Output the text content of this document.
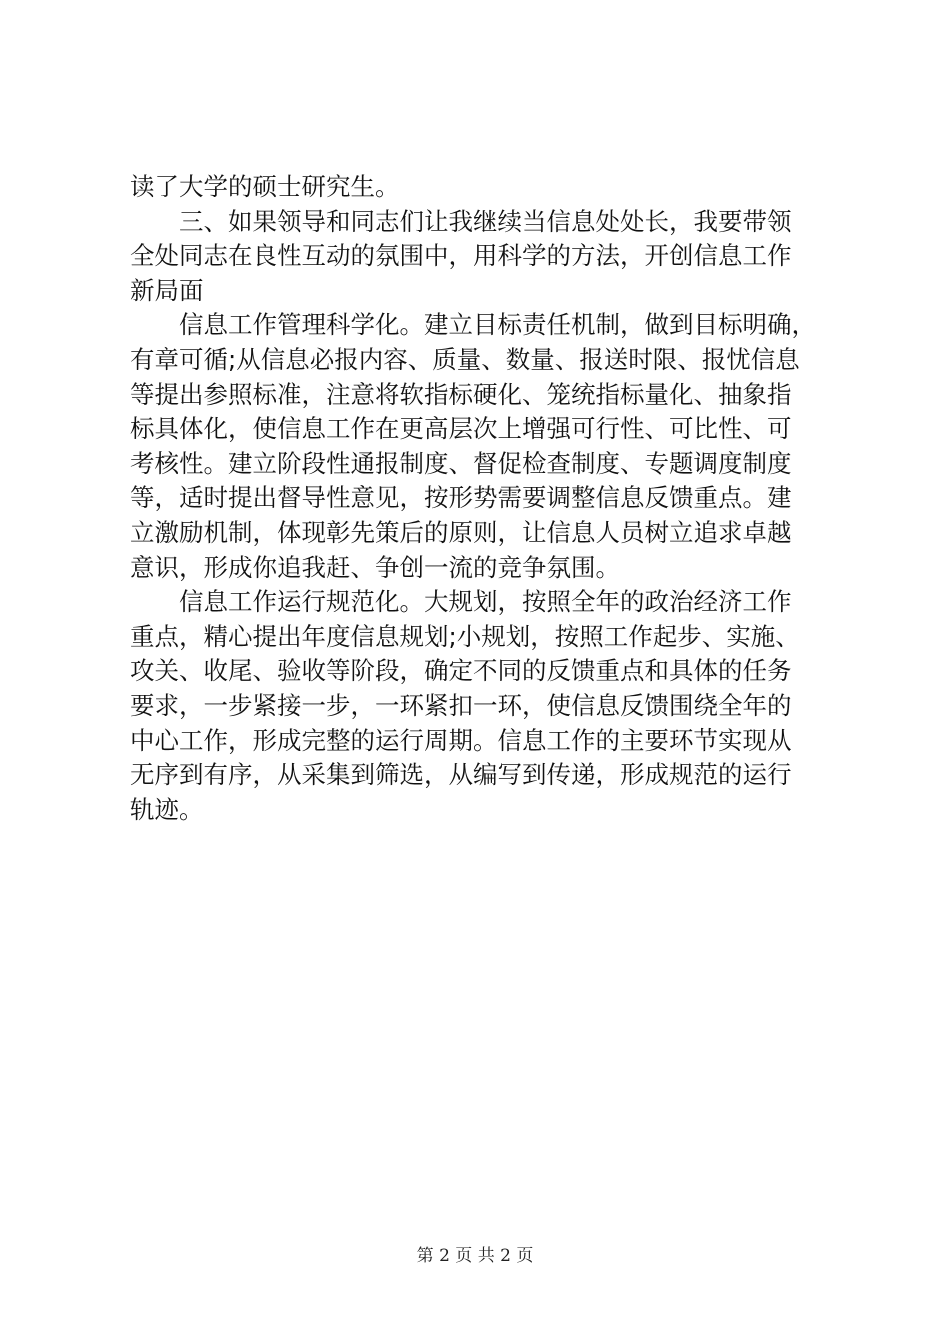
读了大学的硕士研究生。
三、如果领导和同志们让我继续当信息处处长，我要带领
全处同志在良性互动的氛围中，用科学的方法，开创信息工作
新局面
信息工作管理科学化。建立目标责任机制，做到目标明确，
有章可循;从信息必报内容、质量、数量、报送时限、报忧信息
等提出参照标准，注意将软指标硬化、笼统指标量化、抽象指
标具体化，使信息工作在更高层次上增强可行性、可比性、可
考核性。建立阶段性通报制度、督促检查制度、专题调度制度
等，适时提出督导性意见，按形势需要调整信息反馈重点。建
立激励机制，体现彰先策后的原则，让信息人员树立追求卓越
意识，形成你追我赶、争创一流的竞争氛围。
信息工作运行规范化。大规划，按照全年的政治经济工作
重点，精心提出年度信息规划;小规划，按照工作起步、实施、
攻关、收尾、验收等阶段，确定不同的反馈重点和具体的任务
要求，一步紧接一步，一环紧扣一环，使信息反馈围绕全年的
中心工作，形成完整的运行周期。信息工作的主要环节实现从
无序到有序，从采集到筛选，从编写到传递，形成规范的运行
轨迹。
第 2 页 共 2 页
